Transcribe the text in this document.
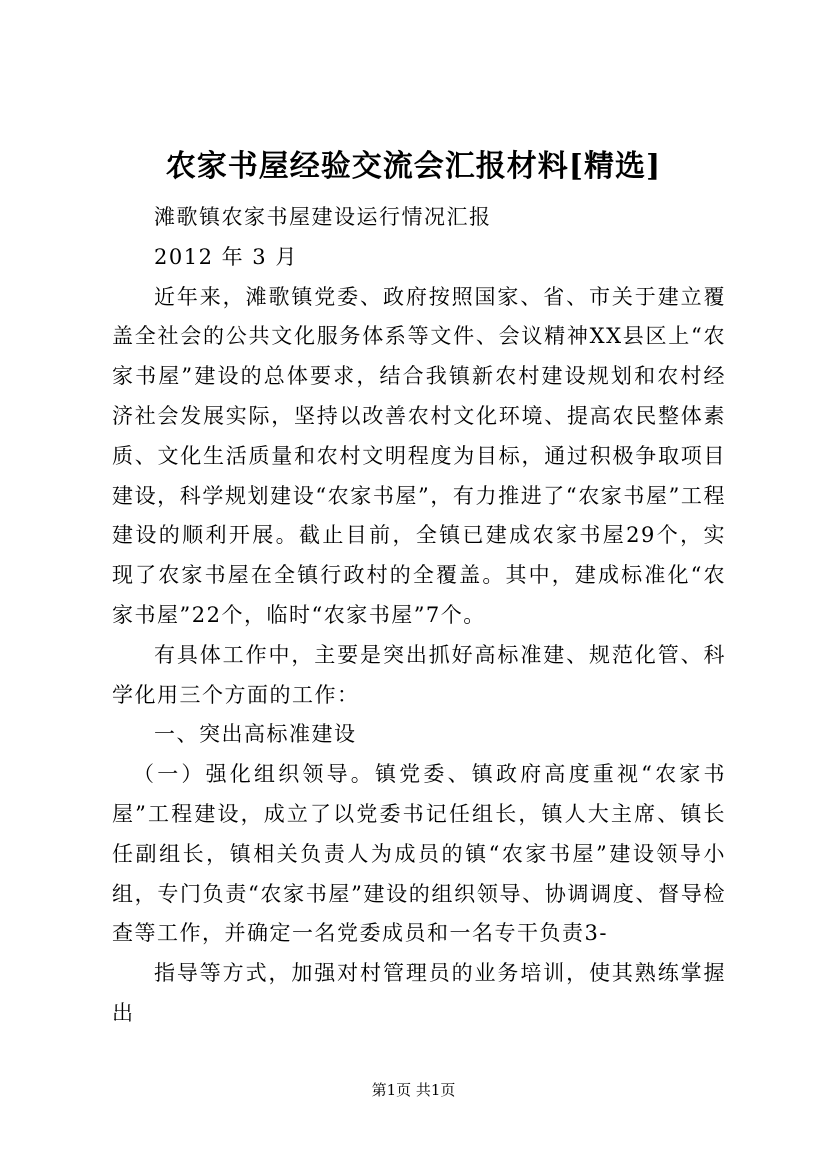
农家书屋经验交流会汇报材料[精选]

滩歌镇农家书屋建设运行情况汇报

2012 年 3 月

近年来，滩歌镇党委、政府按照国家、省、市关于建立覆盖全社会的公共文化服务体系等文件、会议精神XX县区上“农家书屋”建设的总体要求，结合我镇新农村建设规划和农村经济社会发展实际，坚持以改善农村文化环境、提高农民整体素质、文化生活质量和农村文明程度为目标，通过积极争取项目建设，科学规划建设“农家书屋”，有力推进了“农家书屋”工程建设的顺利开展。截止目前，全镇已建成农家书屋29个，实现了农家书屋在全镇行政村的全覆盖。其中，建成标准化“农家书屋”22个，临时“农家书屋”7个。

有具体工作中，主要是突出抓好高标准建、规范化管、科学化用三个方面的工作：

一、突出高标准建设

（一）强化组织领导。镇党委、镇政府高度重视“农家书屋”工程建设，成立了以党委书记任组长，镇人大主席、镇长任副组长，镇相关负责人为成员的镇“农家书屋”建设领导小组，专门负责“农家书屋”建设的组织领导、协调调度、督导检查等工作，并确定一名党委成员和一名专干负责3-

指导等方式，加强对村管理员的业务培训，使其熟练掌握出

第1页 共1页
